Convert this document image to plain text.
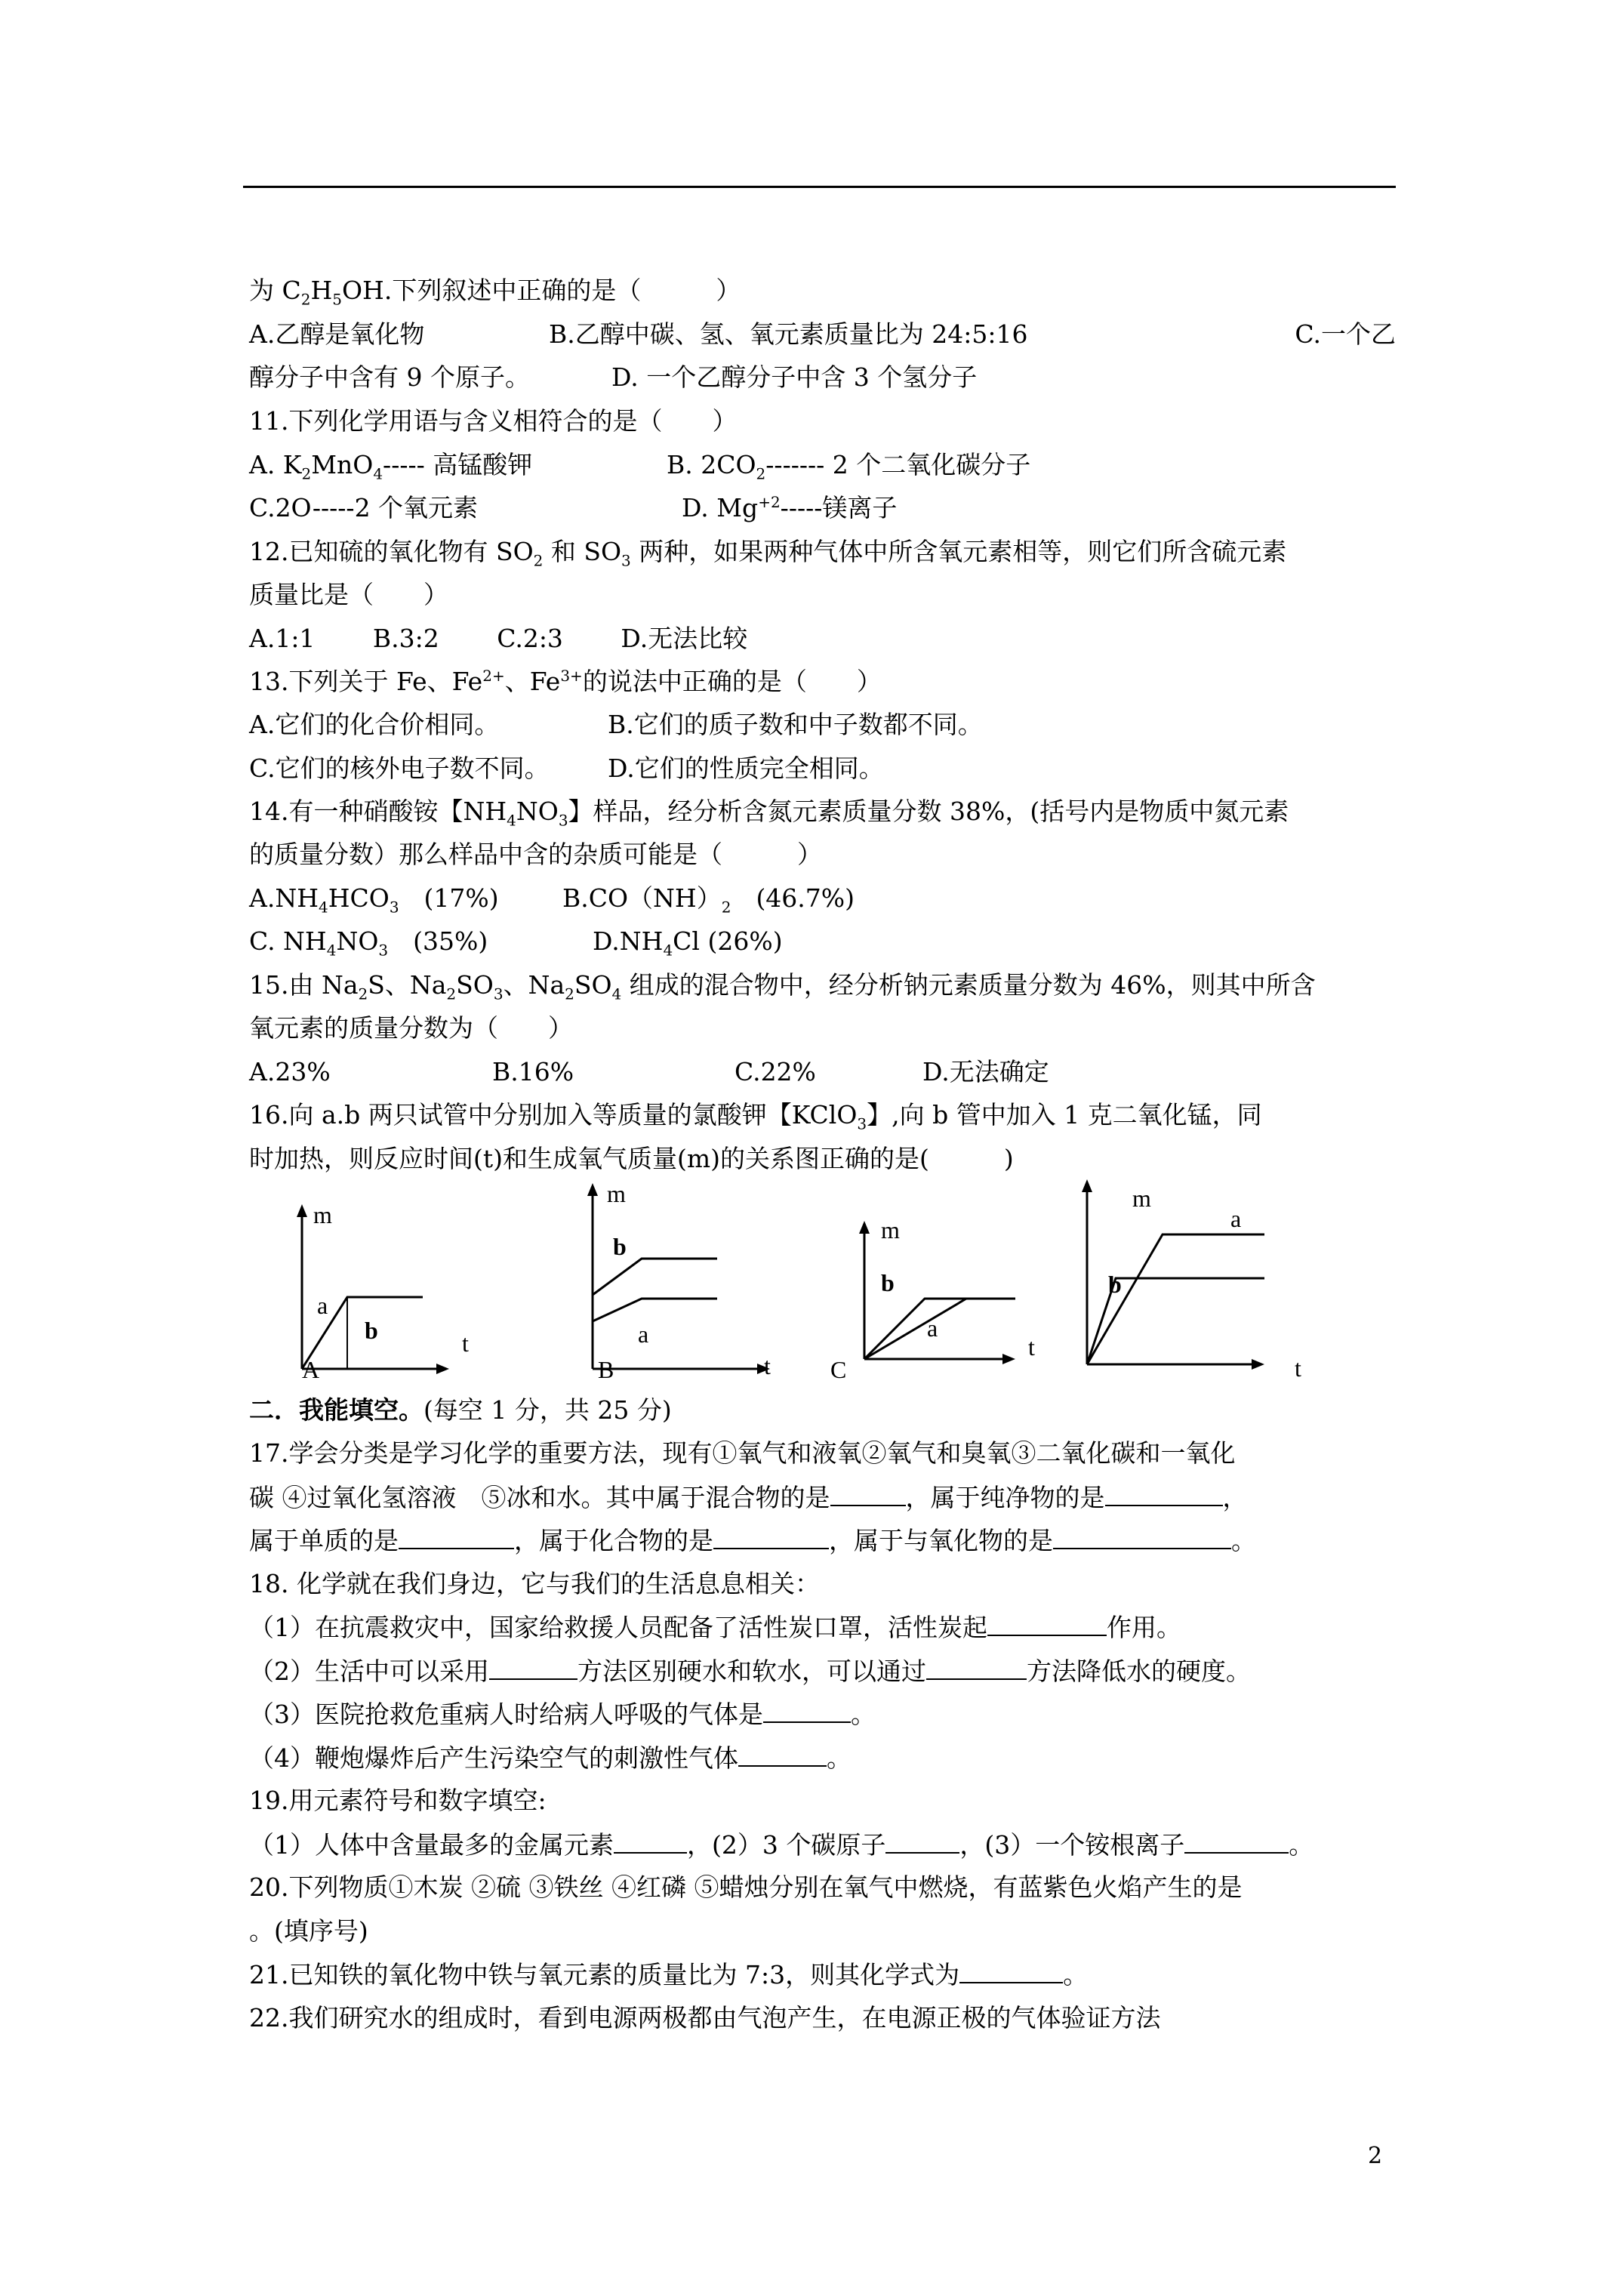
为 $C_2H_5OH$.下列叙述中正确的是（　　　）
A.乙醇是氧化物	B.乙醇中碳、氢、氧元素质量比为 24:5:16	C.一个乙
醇分子中含有 9 个原子。	D. 一个乙醇分子中含 3 个氢分子
11.下列化学用语与含义相符合的是（　　）
A. $K_2MnO_4-----$ 高锰酸钾	B. $2CO_2-------$ 2 个二氧化碳分子
C.2O-----2 个氧元素	D. $Mg^{+2}-----$镁离子
12.已知硫的氧化物有 $SO_2$ 和 $SO_3$ 两种，如果两种气体中所含氧元素相等，则它们所含硫元素
质量比是（　　）
A.1:1　　 B.3:2　　 C.2:3　　 D.无法比较
13.下列关于 Fe、$Fe^{2+}$、$Fe^{3+}$的说法中正确的是（　　）
A.它们的化合价相同。	B.它们的质子数和中子数都不同。
C.它们的核外电子数不同。 D.它们的性质完全相同。
14.有一种硝酸铵【$NH_4NO_3$】样品，经分析含氮元素质量分数 38%，(括号内是物质中氮元素
的质量分数）那么样品中含的杂质可能是（　　　）
$A.NH_4HCO_3$　(17%)	$B.CO(NH)_2$　(46.7%)
C. $NH_4NO_3$　(35%)	$D.NH_4Cl$ (26%)
15.由 $Na_2S$、$Na_2SO_3$、$Na_2SO_4$ 组成的混合物中，经分析钠元素质量分数为 46%，则其中所含
氧元素的质量分数为（　　）
A.23%	B.16%	C.22%	D.无法确定
16.向 a.b 两只试管中分别加入等质量的氯酸钾【KClO$_3$】,向 b 管中加入 1 克二氧化锰，同
时加热，则反应时间(t)和生成氧气质量(m)的关系图正确的是(　　　)
m
a
b	t
A
m
b
a
t
B
m
b
a
t
C
m
a
b
t
二．我能填空。(每空 1 分，共 25 分)
17.学会分类是学习化学的重要方法，现有①氧气和液氧②氧气和臭氧③二氧化碳和一氧化
碳 ④过氧化氢溶液　⑤冰和水。其中属于混合物的是	，属于纯净物的是	，
属于单质的是	，属于化合物的是	，属于与氧化物的是	。
18. 化学就在我们身边，它与我们的生活息息相关：
（1）在抗震救灾中，国家给救援人员配备了活性炭口罩，活性炭起	作用。
（2）生活中可以采用	方法区别硬水和软水，可以通过	方法降低水的硬度。
（3）医院抢救危重病人时给病人呼吸的气体是	。
（4）鞭炮爆炸后产生污染空气的刺激性气体	。
19.用元素符号和数字填空:
（1）人体中含量最多的金属元素	，(2）3 个碳原子	，(3）一个铵根离子	。
20.下列物质①木炭 ②硫 ③铁丝 ④红磷 ⑤蜡烛分别在氧气中燃烧，有蓝紫色火焰产生的是
。(填序号)
21.已知铁的氧化物中铁与氧元素的质量比为 7:3，则其化学式为	。
22.我们研究水的组成时，看到电源两极都由气泡产生，在电源正极的气体验证方法
2
